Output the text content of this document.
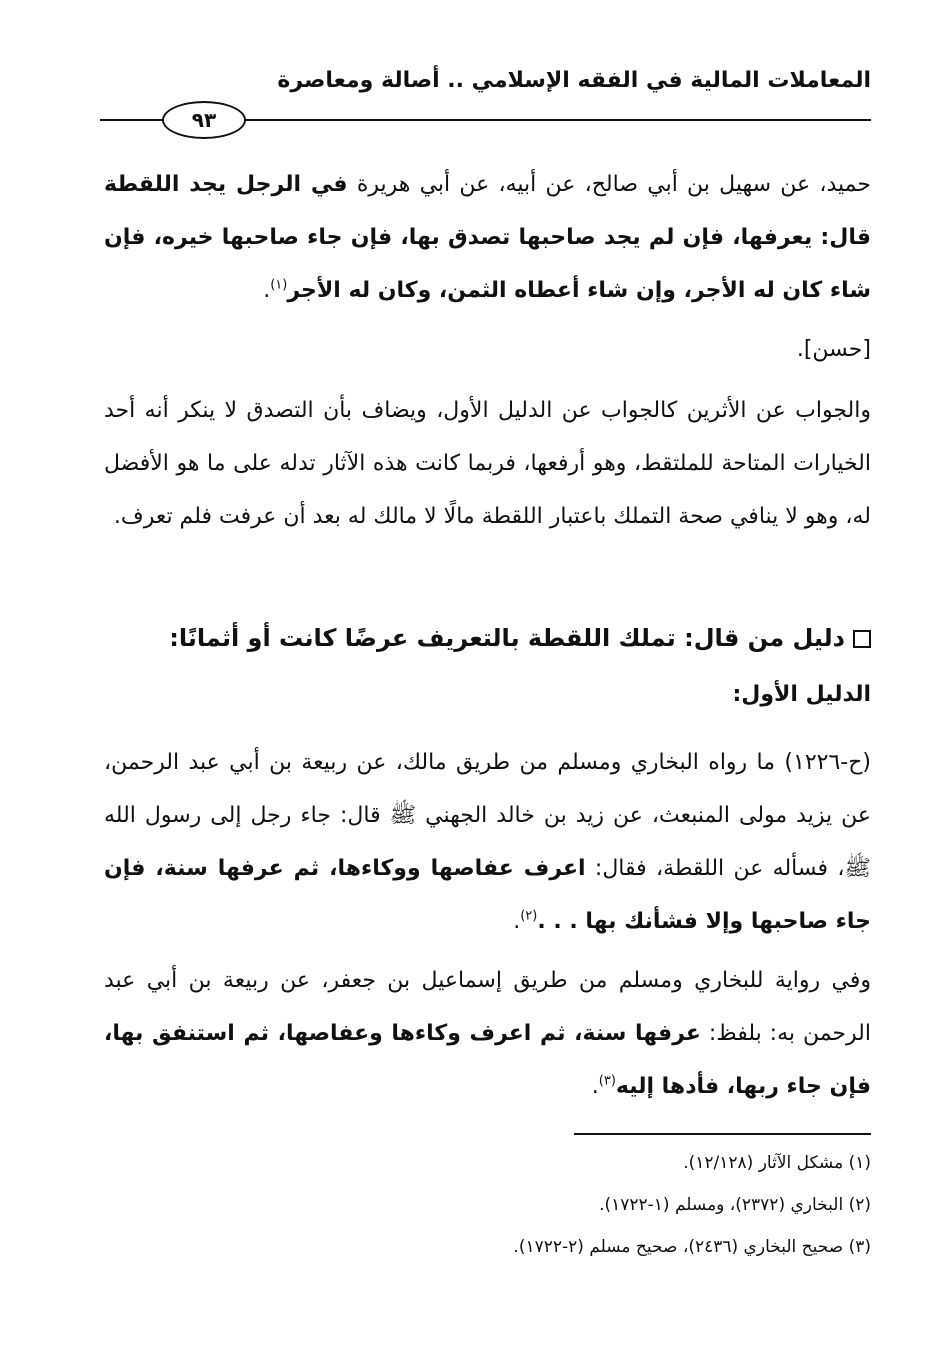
المعاملات المالية في الفقه الإسلامي .. أصالة ومعاصرة
٩٣

حميد، عن سهيل بن أبي صالح، عن أبيه، عن أبي هريرة في الرجل يجد اللقطة قال: يعرفها، فإن لم يجد صاحبها تصدق بها، فإن جاء صاحبها خيره، فإن شاء كان له الأجر، وإن شاء أعطاه الثمن، وكان له الأجر$^{(١)}$.

[حسن].

والجواب عن الأثرين كالجواب عن الدليل الأول، ويضاف بأن التصدق لا ينكر أنه أحد الخيارات المتاحة للملتقط، وهو أرفعها، فربما كانت هذه الآثار تدله على ما هو الأفضل له، وهو لا ينافي صحة التملك باعتبار اللقطة مالًا لا مالك له بعد أن عرفت فلم تعرف.

دليل من قال: تملك اللقطة بالتعريف عرضًا كانت أو أثمانًا:

الدليل الأول:

(ح-١٢٢٦) ما رواه البخاري ومسلم من طريق مالك، عن ربيعة بن أبي عبد الرحمن، عن يزيد مولى المنبعث، عن زيد بن خالد الجهني ﷺ قال: جاء رجل إلى رسول الله ﷺ، فسأله عن اللقطة، فقال: اعرف عفاصها ووكاءها، ثم عرفها سنة، فإن جاء صاحبها وإلا فشأنك بها . . .$^{(٢)}$.

وفي رواية للبخاري ومسلم من طريق إسماعيل بن جعفر، عن ربيعة بن أبي عبد الرحمن به: بلفظ: عرفها سنة، ثم اعرف وكاءها وعفاصها، ثم استنفق بها، فإن جاء ربها، فأدها إليه$^{(٣)}$.

(١) مشكل الآثار (١٢/١٢٨).
(٢) البخاري (٢٣٧٢)، ومسلم (١-١٧٢٢).
(٣) صحيح البخاري (٢٤٣٦)، صحيح مسلم (٢-١٧٢٢).
